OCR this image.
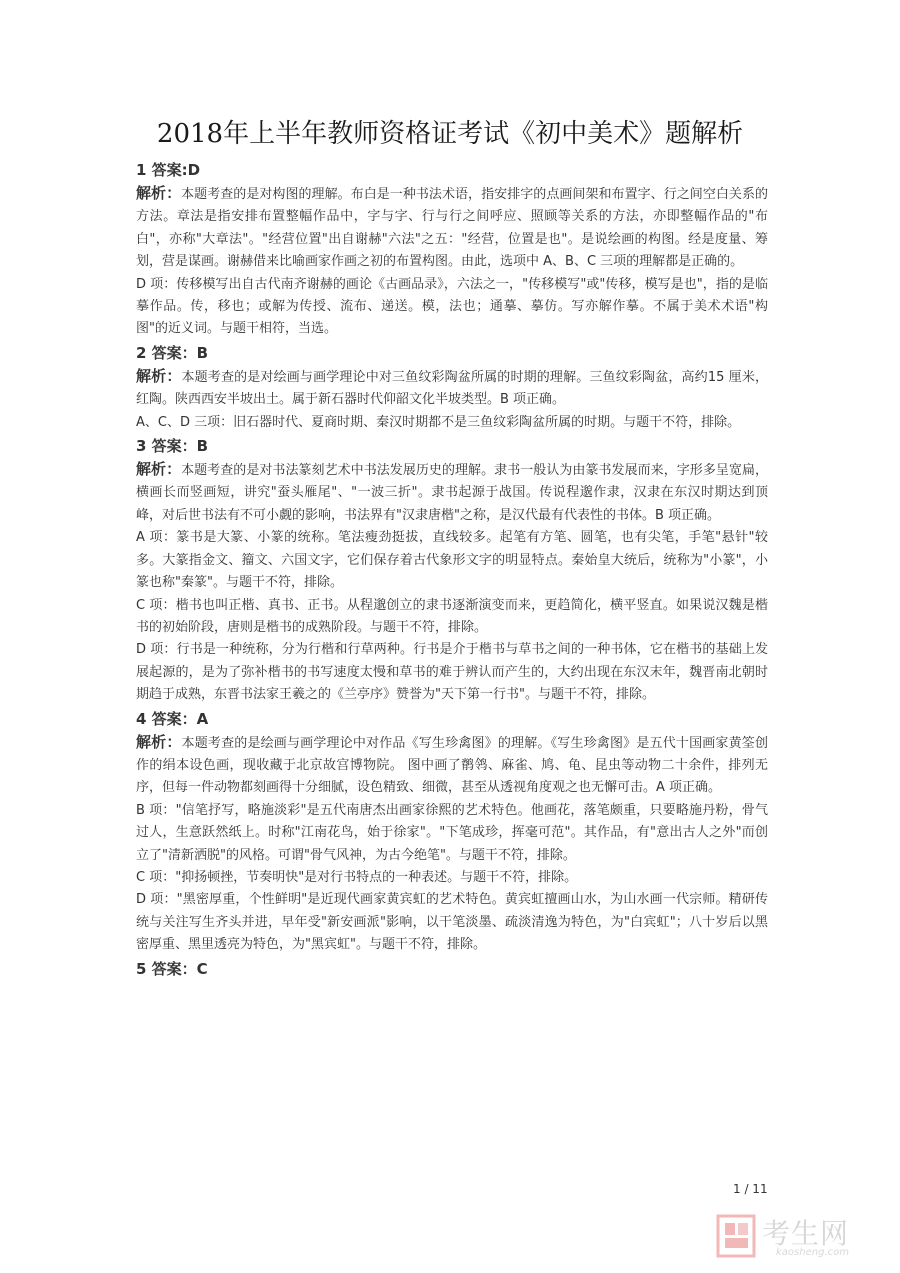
2018年上半年教师资格证考试《初中美术》题解析
1 答案:D

解析：本题考查的是对构图的理解。布白是一种书法术语，指安排字的点画间架和布置字、行之间空白关系的方法。章法是指安排布置整幅作品中，字与字、行与行之间呼应、照顾等关系的方法，亦即整幅作品的"布白"，亦称"大章法"。"经营位置"出自谢赫"六法"之五："经营，位置是也"。是说绘画的构图。经是度量、筹划，营是谋画。谢赫借来比喻画家作画之初的布置构图。由此，选项中 A、B、C 三项的理解都是正确的。

D 项：传移模写出自古代南齐谢赫的画论《古画品录》，六法之一，"传移模写"或"传移，模写是也"，指的是临摹作品。传，移也；或解为传授、流布、递送。模，法也；通摹、摹仿。写亦解作摹。不属于美术术语"构图"的近义词。与题干相符，当选。

2 答案：B

解析：本题考查的是对绘画与画学理论中对三鱼纹彩陶盆所属的时期的理解。三鱼纹彩陶盆，高约15 厘米，红陶。陕西西安半坡出土。属于新石器时代仰韶文化半坡类型。B 项正确。

A、C、D 三项：旧石器时代、夏商时期、秦汉时期都不是三鱼纹彩陶盆所属的时期。与题干不符，排除。

3 答案：B

解析：本题考查的是对书法篆刻艺术中书法发展历史的理解。隶书一般认为由篆书发展而来，字形多呈宽扁，横画长而竖画短，讲究"蚕头雁尾"、"一波三折"。隶书起源于战国。传说程邈作隶，汉隶在东汉时期达到顶峰，对后世书法有不可小觑的影响，书法界有"汉隶唐楷"之称，是汉代最有代表性的书体。B 项正确。

A 项：篆书是大篆、小篆的统称。笔法瘦劲挺拔，直线较多。起笔有方笔、圆笔，也有尖笔，手笔"悬针"较多。大篆指金文、籀文、六国文字，它们保存着古代象形文字的明显特点。秦始皇大统后，统称为"小篆"，小篆也称"秦篆"。与题干不符，排除。

C 项：楷书也叫正楷、真书、正书。从程邈创立的隶书逐渐演变而来，更趋简化，横平竖直。如果说汉魏是楷书的初始阶段，唐则是楷书的成熟阶段。与题干不符，排除。

D 项：行书是一种统称，分为行楷和行草两种。行书是介于楷书与草书之间的一种书体，它在楷书的基础上发展起源的，是为了弥补楷书的书写速度太慢和草书的难于辨认而产生的，大约出现在东汉末年，魏晋南北朝时期趋于成熟，东晋书法家王羲之的《兰亭序》赞誉为"天下第一行书"。与题干不符，排除。

4 答案：A

解析：本题考查的是绘画与画学理论中对作品《写生珍禽图》的理解。《写生珍禽图》是五代十国画家黄筌创作的绢本设色画，现收藏于北京故宫博物院。 图中画了鹡鸰、麻雀、鸠、龟、昆虫等动物二十余件，排列无序，但每一件动物都刻画得十分细腻，设色精致、细微，甚至从透视角度观之也无懈可击。A 项正确。

B 项："信笔抒写，略施淡彩"是五代南唐杰出画家徐熙的艺术特色。他画花，落笔颇重，只要略施丹粉，骨气过人，生意跃然纸上。时称"江南花鸟，始于徐家"。"下笔成珍，挥毫可范"。其作品，有"意出古人之外"而创立了"清新洒脱"的风格。可谓"骨气风神，为古今绝笔"。与题干不符，排除。

C 项："抑扬顿挫，节奏明快"是对行书特点的一种表述。与题干不符，排除。

D 项："黑密厚重，个性鲜明"是近现代画家黄宾虹的艺术特色。黄宾虹擅画山水，为山水画一代宗师。精研传统与关注写生齐头并进，早年受"新安画派"影响，以干笔淡墨、疏淡清逸为特色，为"白宾虹"；八十岁后以黑密厚重、黑里透亮为特色，为"黑宾虹"。与题干不符，排除。

5 答案：C
1 / 11
考生网
kaosheng.com
